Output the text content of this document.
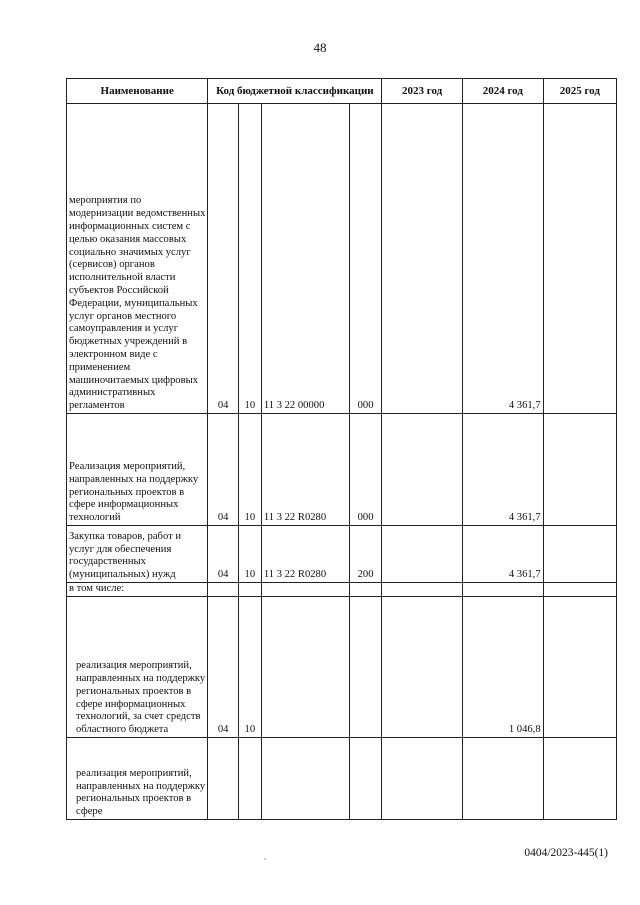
48
Наименование	Код бюджетной классификации				2023 год	2024 год	2025 год
мероприятия по модернизации ведомственных информационных систем с целью оказания массовых социально значимых услуг (сервисов) органов исполнительной власти субъектов Российской Федерации, муниципальных услуг органов местного самоуправления и услуг бюджетных учреждений в электронном виде с применением машиночитаемых цифровых административных регламентов	04	10	11 3 22 00000	000		4 361,7	
Реализация мероприятий, направленных на поддержку региональных проектов в сфере информационных технологий	04	10	11 3 22 R0280	000		4 361,7	
Закупка товаров, работ и услуг для обеспечения государственных (муниципальных) нужд	04	10	11 3 22 R0280	200		4 361,7	
в том числе:							
реализация мероприятий, направленных на поддержку региональных проектов в сфере информационных технологий, за счет средств областного бюджета	04	10				1 046,8	
реализация мероприятий, направленных на поддержку региональных проектов в сфере							
0404/2023-445(1)
